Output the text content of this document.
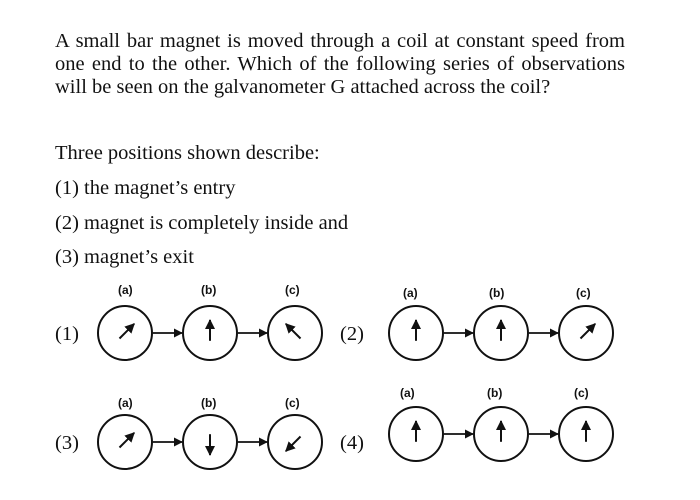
A small bar magnet is moved through a coil at constant speed from one end to the other. Which of the following series of observations will be seen on the galvanometer G attached across the coil?
Three positions shown describe:
(1) the magnet’s entry
(2) magnet is completely inside and
(3) magnet’s exit
(1)
(a)	(b)	(c)
(2)
(a)	(b)	(c)
(3)
(a)	(b)	(c)
(4)
(a)	(b)	(c)
